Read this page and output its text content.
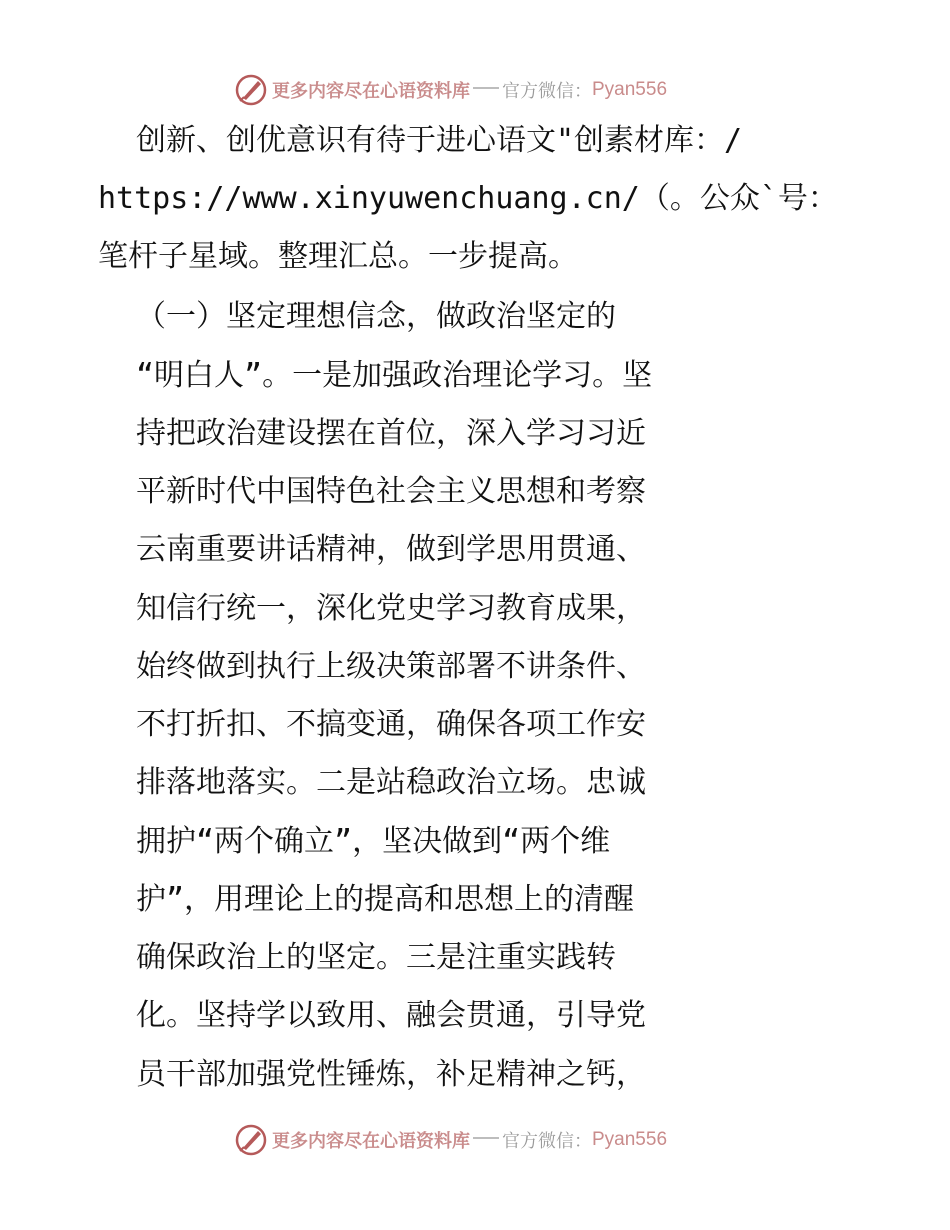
更多内容尽在心语资料库 官方微信： Pyan556
创新、创优意识有待于进心语文"创素材库：/
https://www.xinyuwenchuang.cn/（。公众`号：
笔杆子星域。整理汇总。一步提高。
（一）坚定理想信念，做政治坚定的
“明白人”。一是加强政治理论学习。坚
持把政治建设摆在首位，深入学习习近
平新时代中国特色社会主义思想和考察
云南重要讲话精神，做到学思用贯通、
知信行统一，深化党史学习教育成果，
始终做到执行上级决策部署不讲条件、
不打折扣、不搞变通，确保各项工作安
排落地落实。二是站稳政治立场。忠诚
拥护“两个确立”，坚决做到“两个维
护”，用理论上的提高和思想上的清醒
确保政治上的坚定。三是注重实践转
化。坚持学以致用、融会贯通，引导党
员干部加强党性锤炼，补足精神之钙，
更多内容尽在心语资料库 官方微信： Pyan556
